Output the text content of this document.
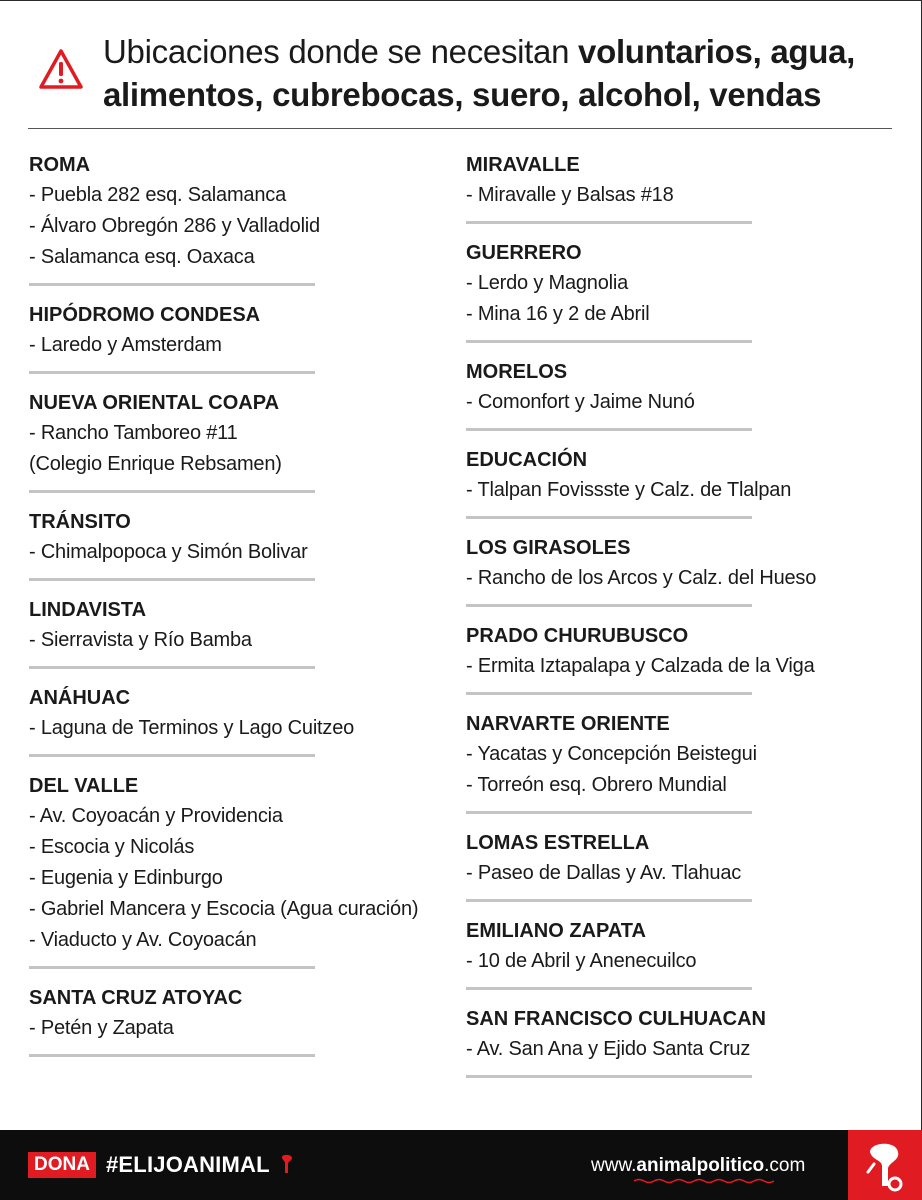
Ubicaciones donde se necesitan voluntarios, agua, alimentos, cubrebocas, suero, alcohol, vendas
ROMA
- Puebla 282 esq. Salamanca
- Álvaro Obregón 286 y Valladolid
- Salamanca esq. Oaxaca
HIPÓDROMO CONDESA
- Laredo y Amsterdam
NUEVA ORIENTAL COAPA
- Rancho Tamboreo #11
(Colegio Enrique Rebsamen)
TRÁNSITO
- Chimalpopoca y Simón Bolivar
LINDAVISTA
- Sierravista y Río Bamba
ANÁHUAC
- Laguna de Terminos y Lago Cuitzeo
DEL VALLE
- Av. Coyoacán y Providencia
- Escocia y Nicolás
- Eugenia y Edinburgo
- Gabriel Mancera y Escocia (Agua curación)
- Viaducto y Av. Coyoacán
SANTA CRUZ ATOYAC
- Petén y Zapata
MIRAVALLE
- Miravalle y Balsas #18
GUERRERO
- Lerdo y Magnolia
- Mina 16 y 2 de Abril
MORELOS
- Comonfort y Jaime Nunó
EDUCACIÓN
- Tlalpan Fovissste y Calz. de Tlalpan
LOS GIRASOLES
- Rancho de los Arcos y Calz. del Hueso
PRADO CHURUBUSCO
- Ermita Iztapalapa y Calzada de la Viga
NARVARTE ORIENTE
- Yacatas y Concepción Beistegui
- Torreón esq. Obrero Mundial
LOMAS ESTRELLA
- Paseo de Dallas y Av. Tlahuac
EMILIANO ZAPATA
- 10 de Abril y Anenecuilco
SAN FRANCISCO CULHUACAN
- Av. San Ana y Ejido Santa Cruz
DONA #ELIJOANIMAL	www.animalpolitico.com
